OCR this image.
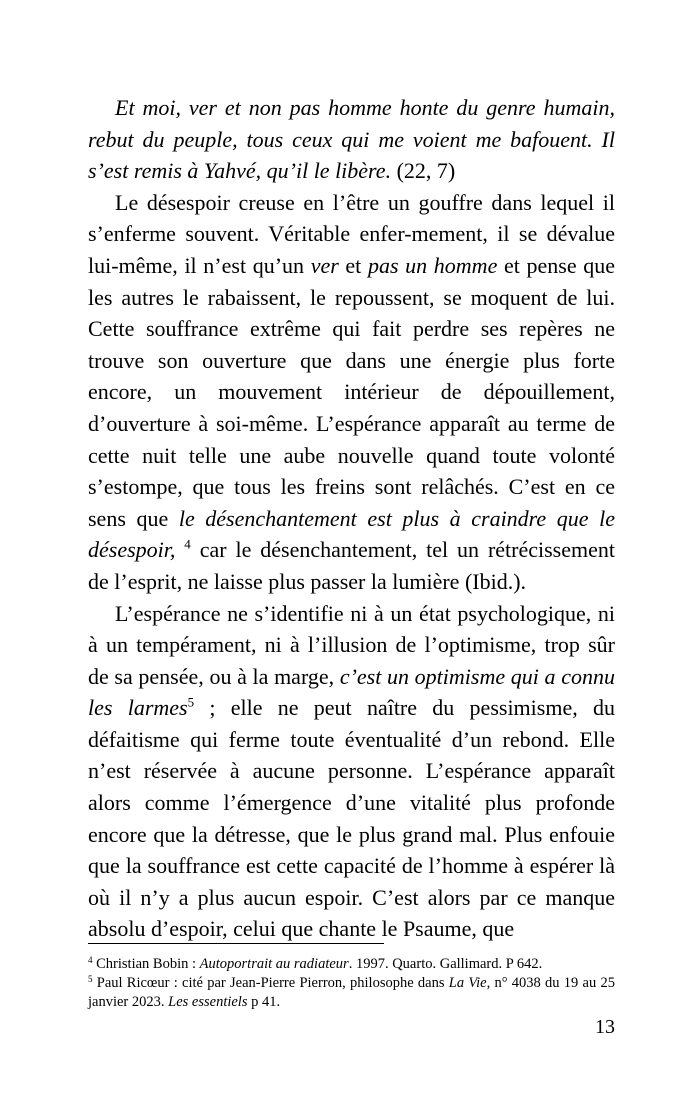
Et moi, ver et non pas homme honte du genre humain, rebut du peuple, tous ceux qui me voient me bafouent. Il s’est remis à Yahvé, qu’il le libère. (22, 7)

Le désespoir creuse en l’être un gouffre dans lequel il s’enferme souvent. Véritable enfer-mement, il se dévalue lui-même, il n’est qu’un ver et pas un homme et pense que les autres le rabaissent, le repoussent, se moquent de lui. Cette souffrance extrême qui fait perdre ses repères ne trouve son ouverture que dans une énergie plus forte encore, un mouvement intérieur de dépouillement, d’ouverture à soi-même. L’espérance apparaît au terme de cette nuit telle une aube nouvelle quand toute volonté s’estompe, que tous les freins sont relâchés. C’est en ce sens que le désenchantement est plus à craindre que le désespoir, $^4$ car le désenchantement, tel un rétrécissement de l’esprit, ne laisse plus passer la lumière (Ibid.).

L’espérance ne s’identifie ni à un état psychologique, ni à un tempérament, ni à l’illusion de l’optimisme, trop sûr de sa pensée, ou à la marge, c’est un optimisme qui a connu les larmes$^5$ ; elle ne peut naître du pessimisme, du défaitisme qui ferme toute éventualité d’un rebond. Elle n’est réservée à aucune personne. L’espérance apparaît alors comme l’émergence d’une vitalité plus profonde encore que la détresse, que le plus grand mal. Plus enfouie que la souffrance est cette capacité de l’homme à espérer là où il n’y a plus aucun espoir. C’est alors par ce manque absolu d’espoir, celui que chante le Psaume, que

$^4$ Christian Bobin : Autoportrait au radiateur. 1997. Quarto. Gallimard. P 642.

$^5$ Paul Ricœur : cité par Jean-Pierre Pierron, philosophe dans La Vie, n° 4038 du 19 au 25 janvier 2023. Les essentiels p 41.

13
